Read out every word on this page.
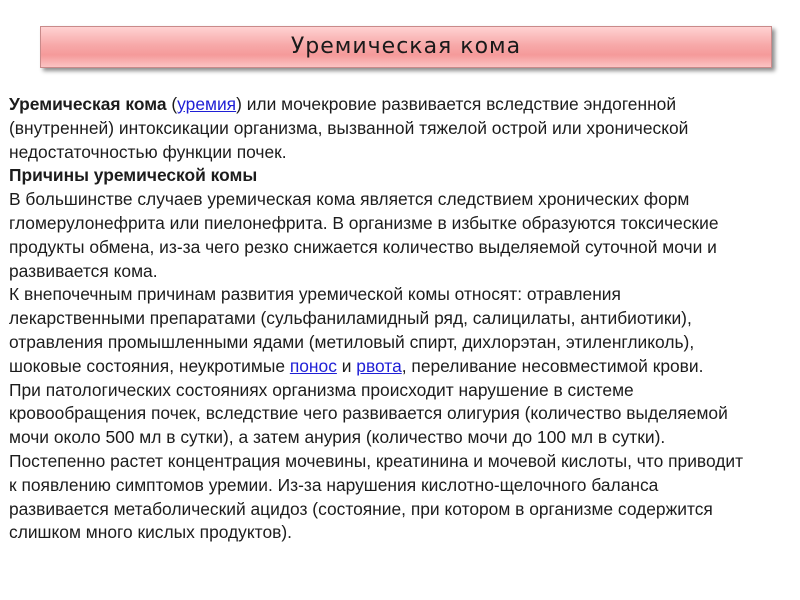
Уремическая кома

Уремическая кома (уремия) или мочекровие развивается вследствие эндогенной (внутренней) интоксикации организма, вызванной тяжелой острой или хронической недостаточностью функции почек.

Причины уремической комы

В большинстве случаев уремическая кома является следствием хронических форм гломерулонефрита или пиелонефрита. В организме в избытке образуются токсические продукты обмена, из-за чего резко снижается количество выделяемой суточной мочи и развивается кома.

К внепочечным причинам развития уремической комы относят: отравления лекарственными препаратами (сульфаниламидный ряд, салицилаты, антибиотики), отравления промышленными ядами (метиловый спирт, дихлорэтан, этиленгликоль), шоковые состояния, неукротимые понос и рвота, переливание несовместимой крови.

При патологических состояниях организма происходит нарушение в системе кровообращения почек, вследствие чего развивается олигурия (количество выделяемой мочи около 500 мл в сутки), а затем анурия (количество мочи до 100 мл в сутки). Постепенно растет концентрация мочевины, креатинина и мочевой кислоты, что приводит к появлению симптомов уремии. Из-за нарушения кислотно-щелочного баланса развивается метаболический ацидоз (состояние, при котором в организме содержится слишком много кислых продуктов).
